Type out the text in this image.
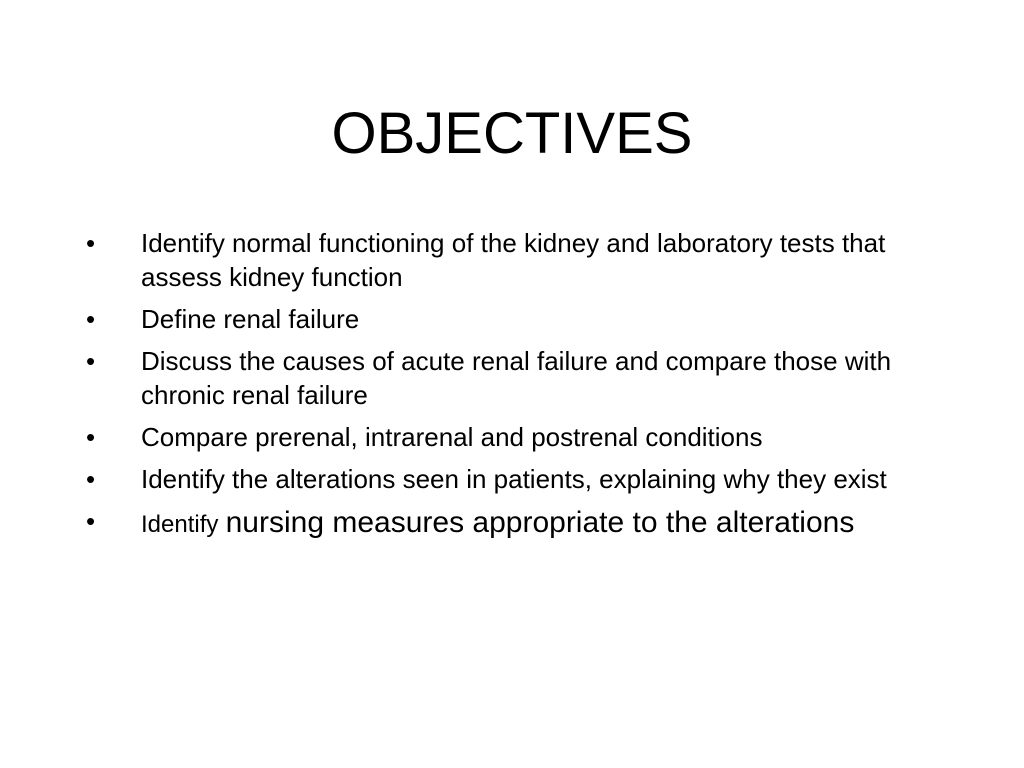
OBJECTIVES
•	Identify normal functioning of the kidney and laboratory tests that assess kidney function
•	Define renal failure
•	Discuss the causes of acute renal failure and compare those with chronic renal failure
•	Compare prerenal, intrarenal and postrenal conditions
•	Identify the alterations seen in patients, explaining why they exist
•	Identify nursing measures appropriate to the alterations
